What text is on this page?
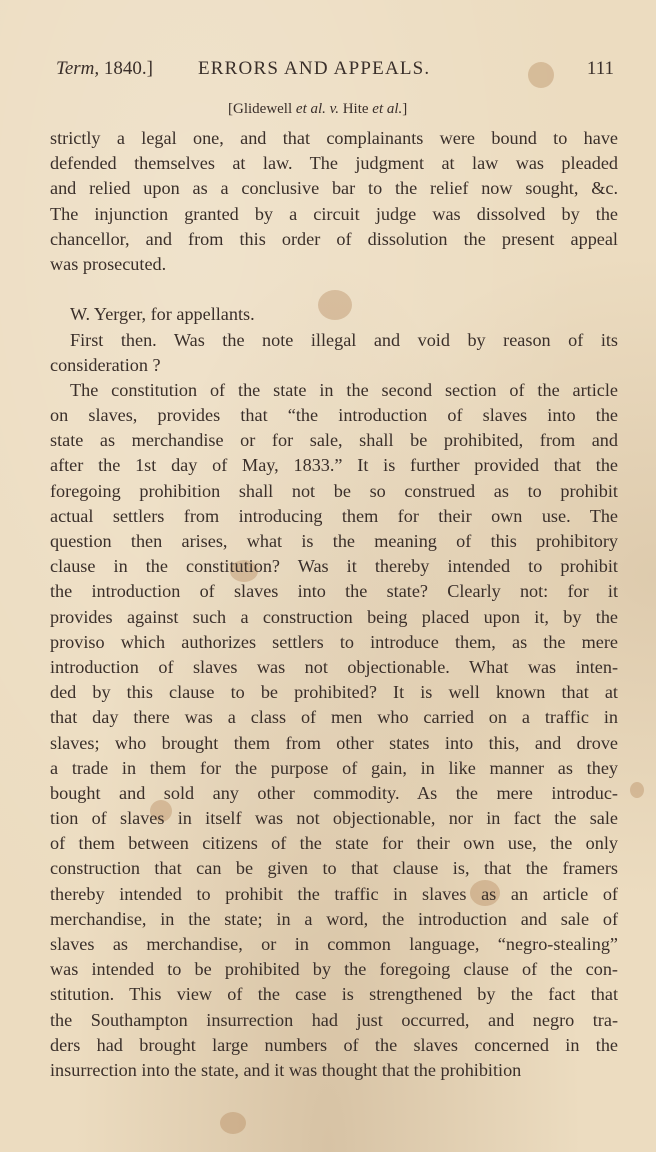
Term, 1840.] ERRORS AND APPEALS.	111
[Glidewell et al. v. Hite et al.]
strictly a legal one, and that complainants were bound to have
defended themselves at law. The judgment at law was pleaded
and relied upon as a conclusive bar to the relief now sought, &c.
The injunction granted by a circuit judge was dissolved by the
chancellor, and from this order of dissolution the present appeal
was prosecuted.
W. Yerger, for appellants.
First then. Was the note illegal and void by reason of its
consideration ?
The constitution of the state in the second section of the article
on slaves, provides that “the introduction of slaves into the
state as merchandise or for sale, shall be prohibited, from and
after the 1st day of May, 1833.” It is further provided that the
foregoing prohibition shall not be so construed as to prohibit
actual settlers from introducing them for their own use. The
question then arises, what is the meaning of this prohibitory
clause in the constitution? Was it thereby intended to prohibit
the introduction of slaves into the state? Clearly not: for it
provides against such a construction being placed upon it, by the
proviso which authorizes settlers to introduce them, as the mere
introduction of slaves was not objectionable. What was inten-
ded by this clause to be prohibited? It is well known that at
that day there was a class of men who carried on a traffic in
slaves; who brought them from other states into this, and drove
a trade in them for the purpose of gain, in like manner as they
bought and sold any other commodity. As the mere introduc-
tion of slaves in itself was not objectionable, nor in fact the sale
of them between citizens of the state for their own use, the only
construction that can be given to that clause is, that the framers
thereby intended to prohibit the traffic in slaves as an article of
merchandise, in the state; in a word, the introduction and sale of
slaves as merchandise, or in common language, “negro-stealing”
was intended to be prohibited by the foregoing clause of the con-
stitution. This view of the case is strengthened by the fact that
the Southampton insurrection had just occurred, and negro tra-
ders had brought large numbers of the slaves concerned in the
insurrection into the state, and it was thought that the prohibition
